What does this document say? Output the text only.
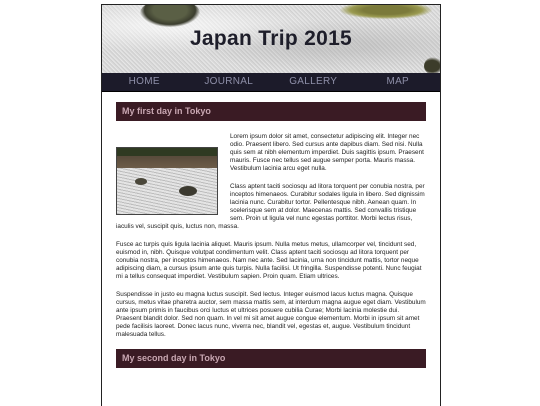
Japan Trip 2015
HOME	JOURNAL	GALLERY	MAP
My first day in Tokyo

Lorem ipsum dolor sit amet, consectetur adipiscing elit. Integer nec odio. Praesent libero. Sed cursus ante dapibus diam. Sed nisi. Nulla quis sem at nibh elementum imperdiet. Duis sagittis ipsum. Praesent mauris. Fusce nec tellus sed augue semper porta. Mauris massa. Vestibulum lacinia arcu eget nulla.

Class aptent taciti sociosqu ad litora torquent per conubia nostra, per inceptos himenaeos. Curabitur sodales ligula in libero. Sed dignissim lacinia nunc. Curabitur tortor. Pellentesque nibh. Aenean quam. In scelerisque sem at dolor. Maecenas mattis. Sed convallis tristique sem. Proin ut ligula vel nunc egestas porttitor. Morbi lectus risus, iaculis vel, suscipit quis, luctus non, massa.

Fusce ac turpis quis ligula lacinia aliquet. Mauris ipsum. Nulla metus metus, ullamcorper vel, tincidunt sed, euismod in, nibh. Quisque volutpat condimentum velit. Class aptent taciti sociosqu ad litora torquent per conubia nostra, per inceptos himenaeos. Nam nec ante. Sed lacinia, urna non tincidunt mattis, tortor neque adipiscing diam, a cursus ipsum ante quis turpis. Nulla facilisi. Ut fringilla. Suspendisse potenti. Nunc feugiat mi a tellus consequat imperdiet. Vestibulum sapien. Proin quam. Etiam ultrices.

Suspendisse in justo eu magna luctus suscipit. Sed lectus. Integer euismod lacus luctus magna. Quisque cursus, metus vitae pharetra auctor, sem massa mattis sem, at interdum magna augue eget diam. Vestibulum ante ipsum primis in faucibus orci luctus et ultrices posuere cubilia Curae; Morbi lacinia molestie dui. Praesent blandit dolor. Sed non quam. In vel mi sit amet augue congue elementum. Morbi in ipsum sit amet pede facilisis laoreet. Donec lacus nunc, viverra nec, blandit vel, egestas et, augue. Vestibulum tincidunt malesuada tellus.

My second day in Tokyo
